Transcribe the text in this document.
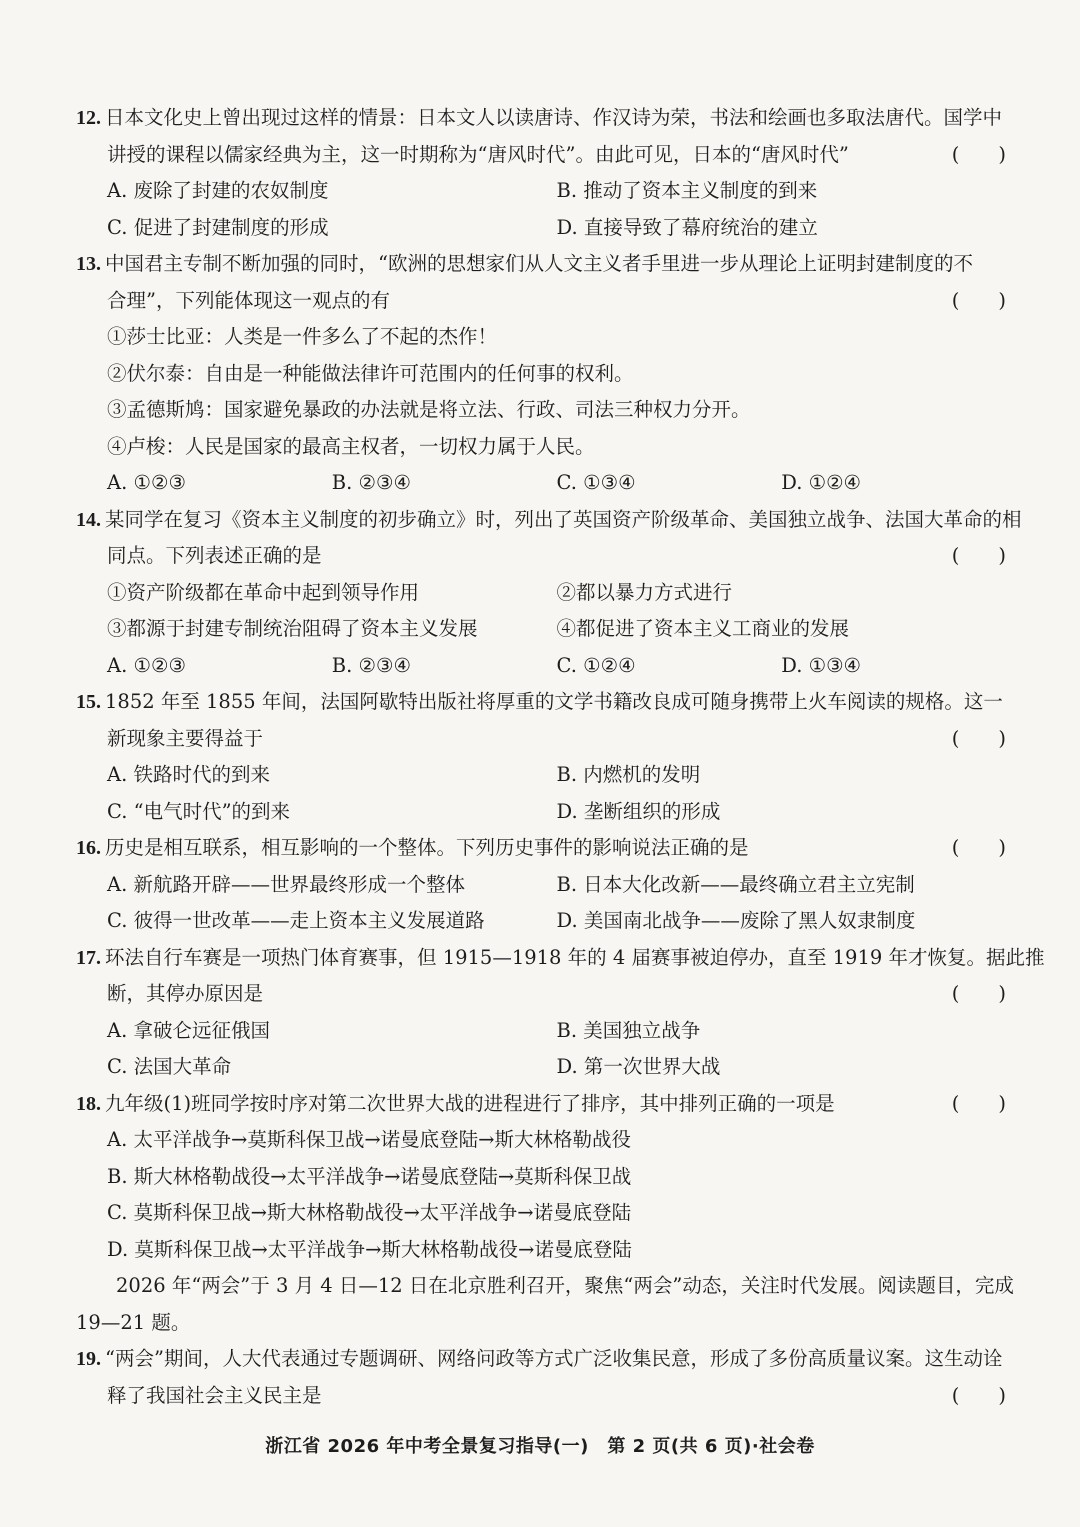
12. 日本文化史上曾出现过这样的情景：日本文人以读唐诗、作汉诗为荣，书法和绘画也多取法唐代。国学中
讲授的课程以儒家经典为主，这一时期称为“唐风时代”。由此可见，日本的“唐风时代”	(　　)
A. 废除了封建的农奴制度	B. 推动了资本主义制度的到来
C. 促进了封建制度的形成	D. 直接导致了幕府统治的建立
13. 中国君主专制不断加强的同时，“欧洲的思想家们从人文主义者手里进一步从理论上证明封建制度的不
合理”，下列能体现这一观点的有	(　　)
①莎士比亚：人类是一件多么了不起的杰作！
②伏尔泰：自由是一种能做法律许可范围内的任何事的权利。
③孟德斯鸠：国家避免暴政的办法就是将立法、行政、司法三种权力分开。
④卢梭：人民是国家的最高主权者，一切权力属于人民。
A. ①②③	B. ②③④	C. ①③④	D. ①②④
14. 某同学在复习《资本主义制度的初步确立》时，列出了英国资产阶级革命、美国独立战争、法国大革命的相
同点。下列表述正确的是	(　　)
①资产阶级都在革命中起到领导作用	②都以暴力方式进行
③都源于封建专制统治阻碍了资本主义发展	④都促进了资本主义工商业的发展
A. ①②③	B. ②③④	C. ①②④	D. ①③④
15. 1852 年至 1855 年间，法国阿歇特出版社将厚重的文学书籍改良成可随身携带上火车阅读的规格。这一
新现象主要得益于	(　　)
A. 铁路时代的到来	B. 内燃机的发明
C. “电气时代”的到来	D. 垄断组织的形成
16. 历史是相互联系，相互影响的一个整体。下列历史事件的影响说法正确的是	(　　)
A. 新航路开辟——世界最终形成一个整体	B. 日本大化改新——最终确立君主立宪制
C. 彼得一世改革——走上资本主义发展道路	D. 美国南北战争——废除了黑人奴隶制度
17. 环法自行车赛是一项热门体育赛事，但 1915—1918 年的 4 届赛事被迫停办，直至 1919 年才恢复。据此推
断，其停办原因是	(　　)
A. 拿破仑远征俄国	B. 美国独立战争
C. 法国大革命	D. 第一次世界大战
18. 九年级(1)班同学按时序对第二次世界大战的进程进行了排序，其中排列正确的一项是	(　　)
A. 太平洋战争→莫斯科保卫战→诺曼底登陆→斯大林格勒战役
B. 斯大林格勒战役→太平洋战争→诺曼底登陆→莫斯科保卫战
C. 莫斯科保卫战→斯大林格勒战役→太平洋战争→诺曼底登陆
D. 莫斯科保卫战→太平洋战争→斯大林格勒战役→诺曼底登陆
2026 年“两会”于 3 月 4 日—12 日在北京胜利召开，聚焦“两会”动态，关注时代发展。阅读题目，完成
19—21 题。
19. “两会”期间，人大代表通过专题调研、网络问政等方式广泛收集民意，形成了多份高质量议案。这生动诠
释了我国社会主义民主是	(　　)
浙江省 2026 年中考全景复习指导(一)　第 2 页(共 6 页)·社会卷
